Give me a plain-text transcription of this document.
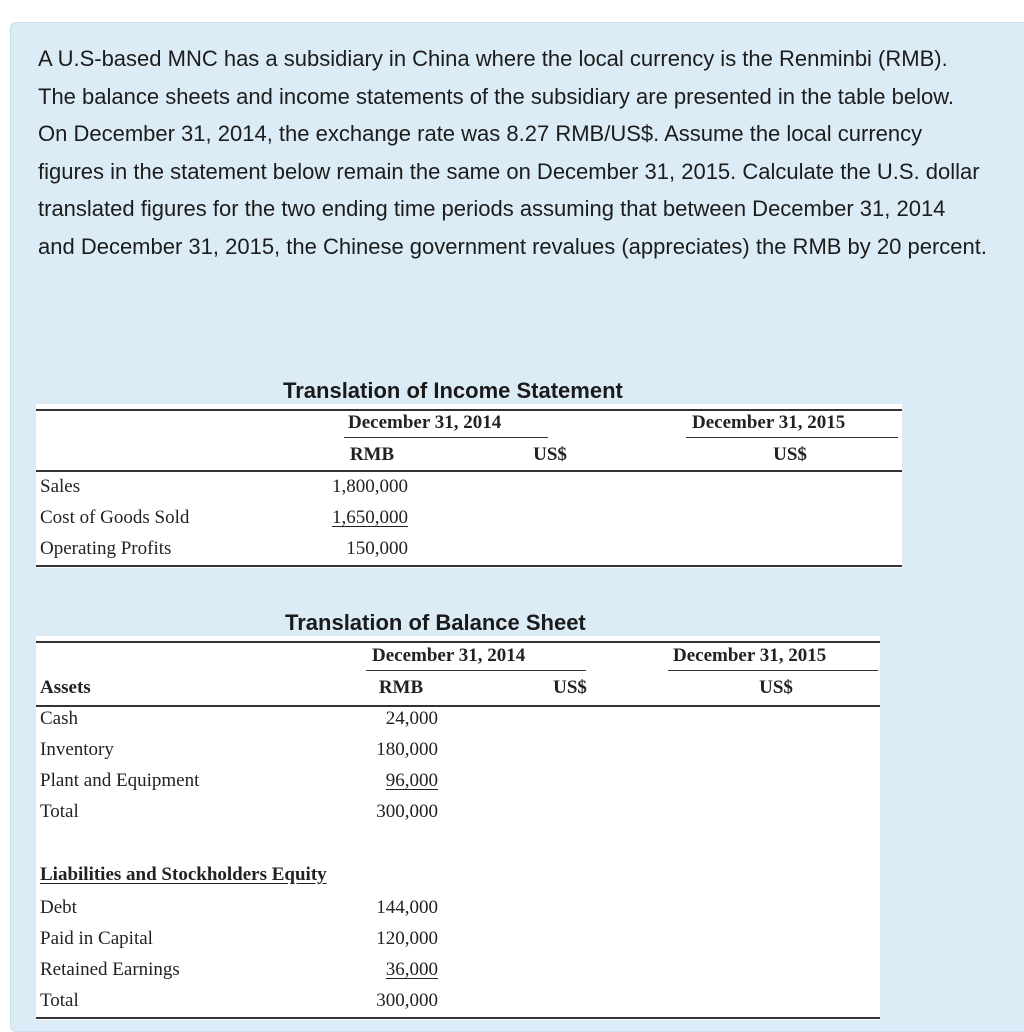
A U.S-based MNC has a subsidiary in China where the local currency is the Renminbi (RMB). The balance sheets and income statements of the subsidiary are presented in the table below. On December 31, 2014, the exchange rate was 8.27 RMB/US$. Assume the local currency figures in the statement below remain the same on December 31, 2015. Calculate the U.S. dollar translated figures for the two ending time periods assuming that between December 31, 2014 and December 31, 2015, the Chinese government revalues (appreciates) the RMB by 20 percent.

Translation of Income Statement
December 31, 2014	December 31, 2015
RMB	US$	US$
Sales	1,800,000
Cost of Goods Sold	1,650,000
Operating Profits	150,000
Translation of Balance Sheet
December 31, 2014	December 31, 2015
Assets	RMB	US$	US$
Cash	24,000
Inventory	180,000
Plant and Equipment	96,000
Total	300,000
Liabilities and Stockholders Equity
Debt	144,000
Paid in Capital	120,000
Retained Earnings	36,000
Total	300,000
